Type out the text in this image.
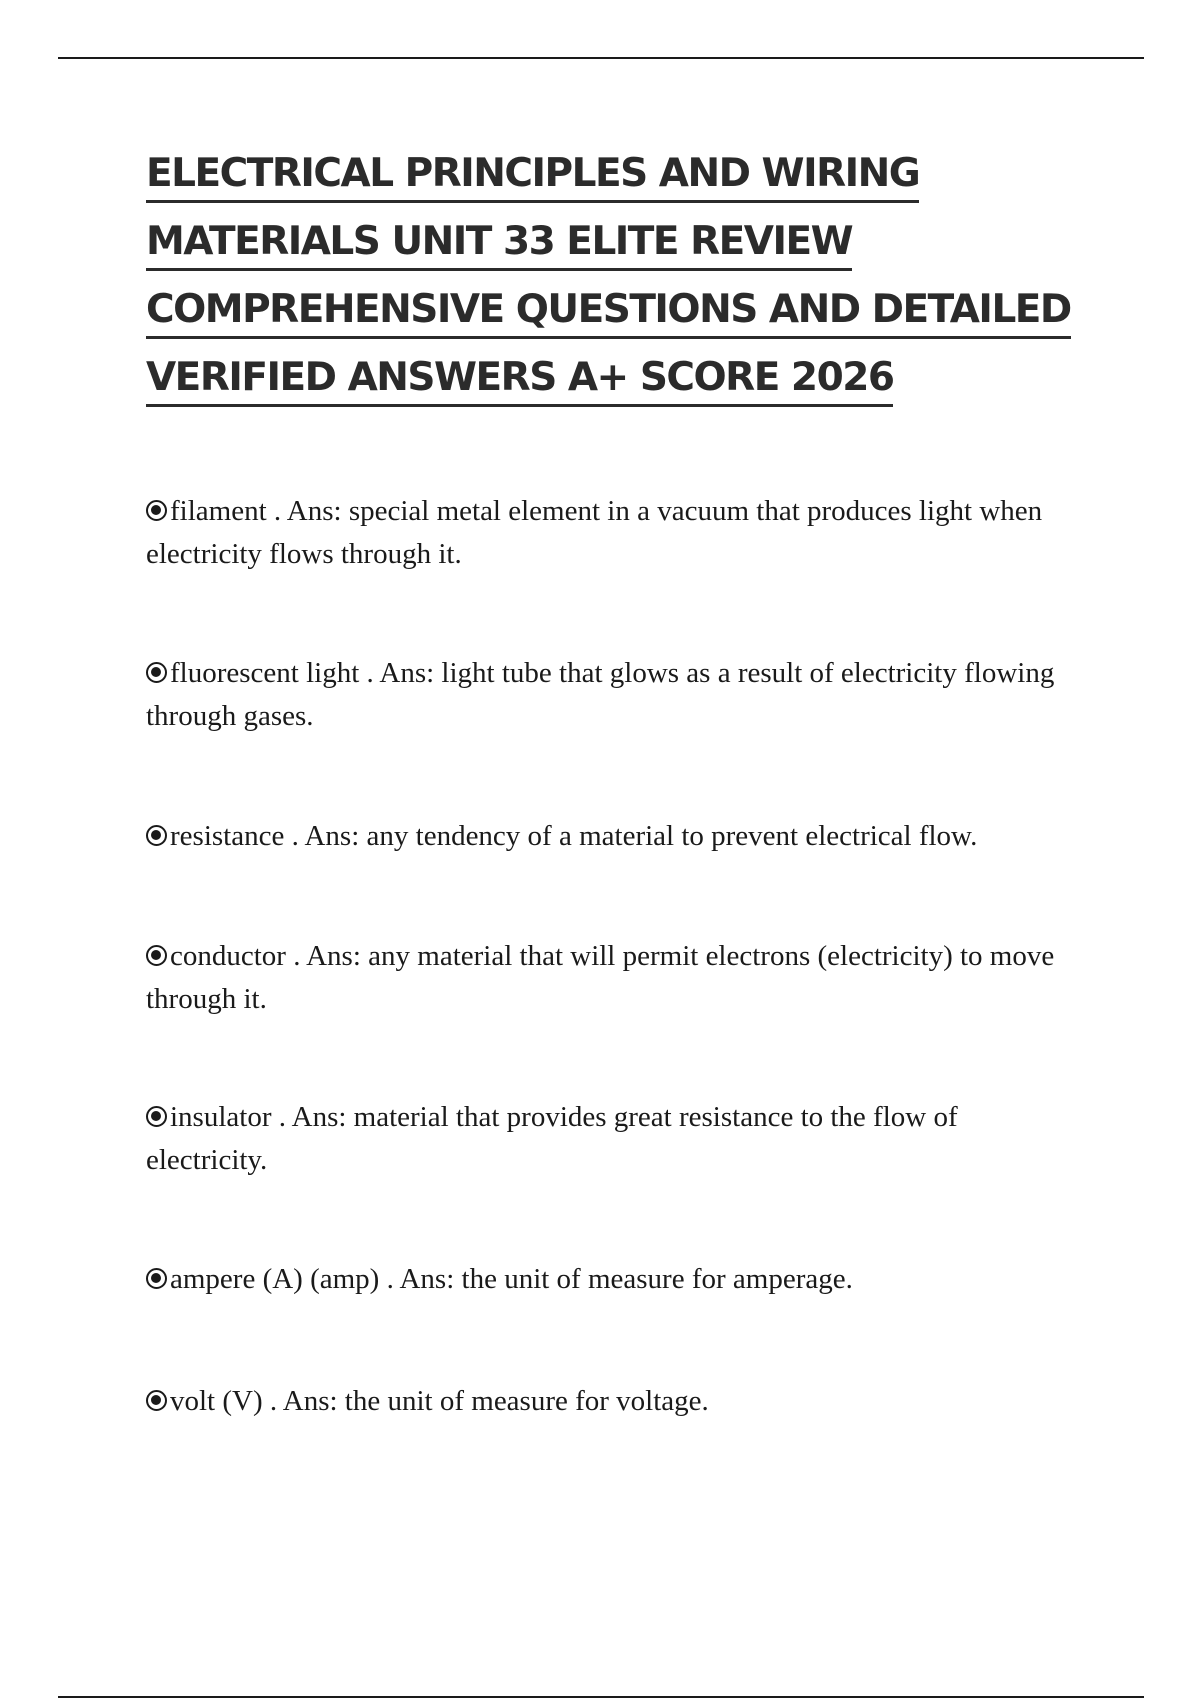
ELECTRICAL PRINCIPLES AND WIRING
MATERIALS UNIT 33 ELITE REVIEW
COMPREHENSIVE QUESTIONS AND DETAILED
VERIFIED ANSWERS A+ SCORE 2026
filament . Ans: special metal element in a vacuum that produces light when electricity flows through it.
fluorescent light . Ans: light tube that glows as a result of electricity flowing through gases.
resistance . Ans: any tendency of a material to prevent electrical flow.
conductor . Ans: any material that will permit electrons (electricity) to move through it.
insulator . Ans: material that provides great resistance to the flow of electricity.
ampere (A) (amp) . Ans: the unit of measure for amperage.
volt (V) . Ans: the unit of measure for voltage.
